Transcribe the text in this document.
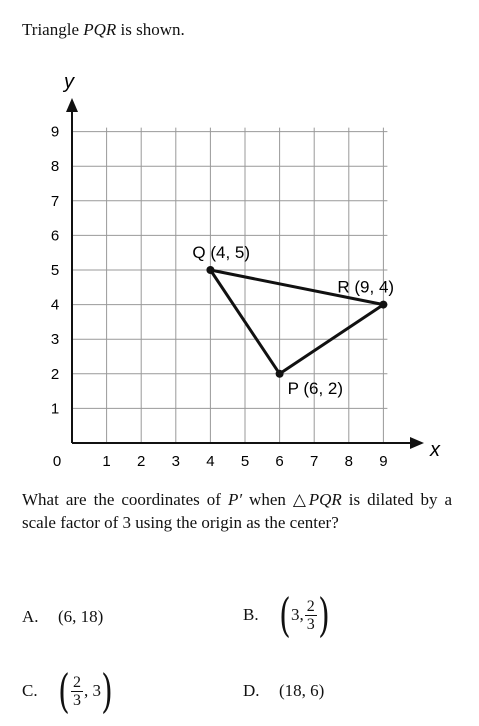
Triangle PQR is shown.
y
x
0	1 2 3 4 5 6 7 8 9
1
2
3
4
5
6
7
8
9
Q (4, 5)
R (9, 4)
P (6, 2)
What are the coordinates of P′ when △PQR is dilated by a scale factor of 3 using the origin as the center?
A.	(6, 18)	B. ( 3, $\frac{2}{3}$ )
C. ( $\frac{2}{3}$ , 3 )	D.	(18, 6)
